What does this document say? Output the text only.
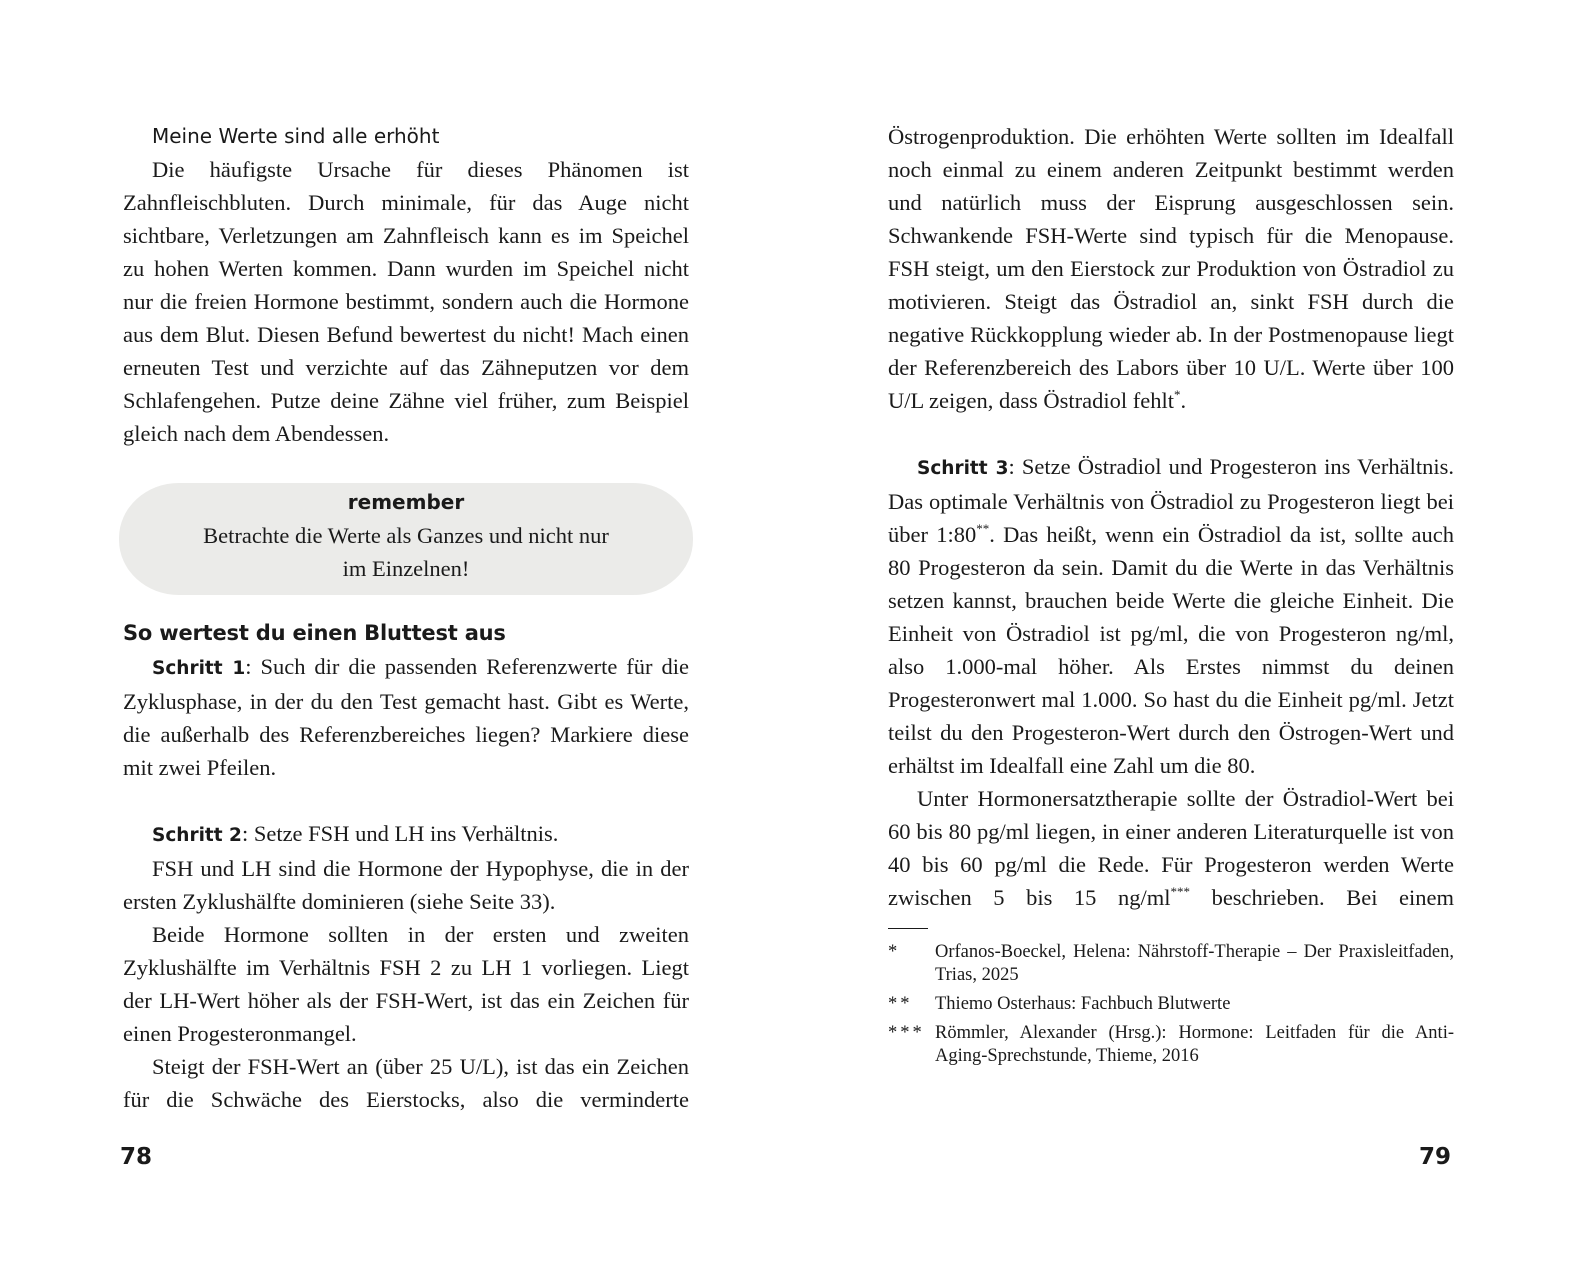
Meine Werte sind alle erhöht

Die häufigste Ursache für dieses Phänomen ist Zahnfleischbluten. Durch minimale, für das Auge nicht sichtbare, Verletzungen am Zahnfleisch kann es im Speichel zu hohen Werten kommen. Dann wurden im Speichel nicht nur die freien Hormone bestimmt, sondern auch die Hormone aus dem Blut. Diesen Befund bewertest du nicht! Mach einen erneuten Test und verzichte auf das Zähneputzen vor dem Schlafengehen. Putze deine Zähne viel früher, zum Beispiel gleich nach dem Abendessen.

remember

Betrachte die Werte als Ganzes und nicht nur
im Einzelnen!

So wertest du einen Bluttest aus

Schritt 1: Such dir die passenden Referenzwerte für die Zyklusphase, in der du den Test gemacht hast. Gibt es Werte, die außerhalb des Referenzbereiches liegen? Markiere diese mit zwei Pfeilen.

Schritt 2: Setze FSH und LH ins Verhältnis.

FSH und LH sind die Hormone der Hypophyse, die in der ersten Zyklushälfte dominieren (siehe Seite 33).

Beide Hormone sollten in der ersten und zweiten Zyklushälfte im Verhältnis FSH 2 zu LH 1 vorliegen. Liegt der LH-Wert höher als der FSH-Wert, ist das ein Zeichen für einen Progesteronmangel.

Steigt der FSH-Wert an (über 25 U/L), ist das ein Zeichen für die Schwäche des Eierstocks, also die verminderte

78

Östrogenproduktion. Die erhöhten Werte sollten im Idealfall noch einmal zu einem anderen Zeitpunkt bestimmt werden und natürlich muss der Eisprung ausgeschlossen sein. Schwankende FSH-Werte sind typisch für die Menopause. FSH steigt, um den Eierstock zur Produktion von Östradiol zu motivieren. Steigt das Östradiol an, sinkt FSH durch die negative Rückkopplung wieder ab. In der Postmenopause liegt der Referenzbereich des Labors über 10 U/L. Werte über 100 U/L zeigen, dass Östradiol fehlt*.

Schritt 3: Setze Östradiol und Progesteron ins Verhältnis. Das optimale Verhältnis von Östradiol zu Progesteron liegt bei über 1:80**. Das heißt, wenn ein Östradiol da ist, sollte auch 80 Progesteron da sein. Damit du die Werte in das Verhältnis setzen kannst, brauchen beide Werte die gleiche Einheit. Die Einheit von Östradiol ist pg/ml, die von Progesteron ng/ml, also 1.000-mal höher. Als Erstes nimmst du deinen Progesteronwert mal 1.000. So hast du die Einheit pg/ml. Jetzt teilst du den Progesteron-Wert durch den Östrogen-Wert und erhältst im Idealfall eine Zahl um die 80.

Unter Hormonersatztherapie sollte der Östradiol-Wert bei 60 bis 80 pg/ml liegen, in einer anderen Literaturquelle ist von 40 bis 60 pg/ml die Rede. Für Progesteron werden Werte zwischen 5 bis 15 ng/ml*** beschrieben. Bei einem

*	Orfanos-Boeckel, Helena: Nährstoff-Therapie – Der Praxisleitfaden, Trias, 2025
**	Thiemo Osterhaus: Fachbuch Blutwerte
*** Römmler, Alexander (Hrsg.): Hormone: Leitfaden für die Anti-Aging-Sprechstunde, Thieme, 2016
79
